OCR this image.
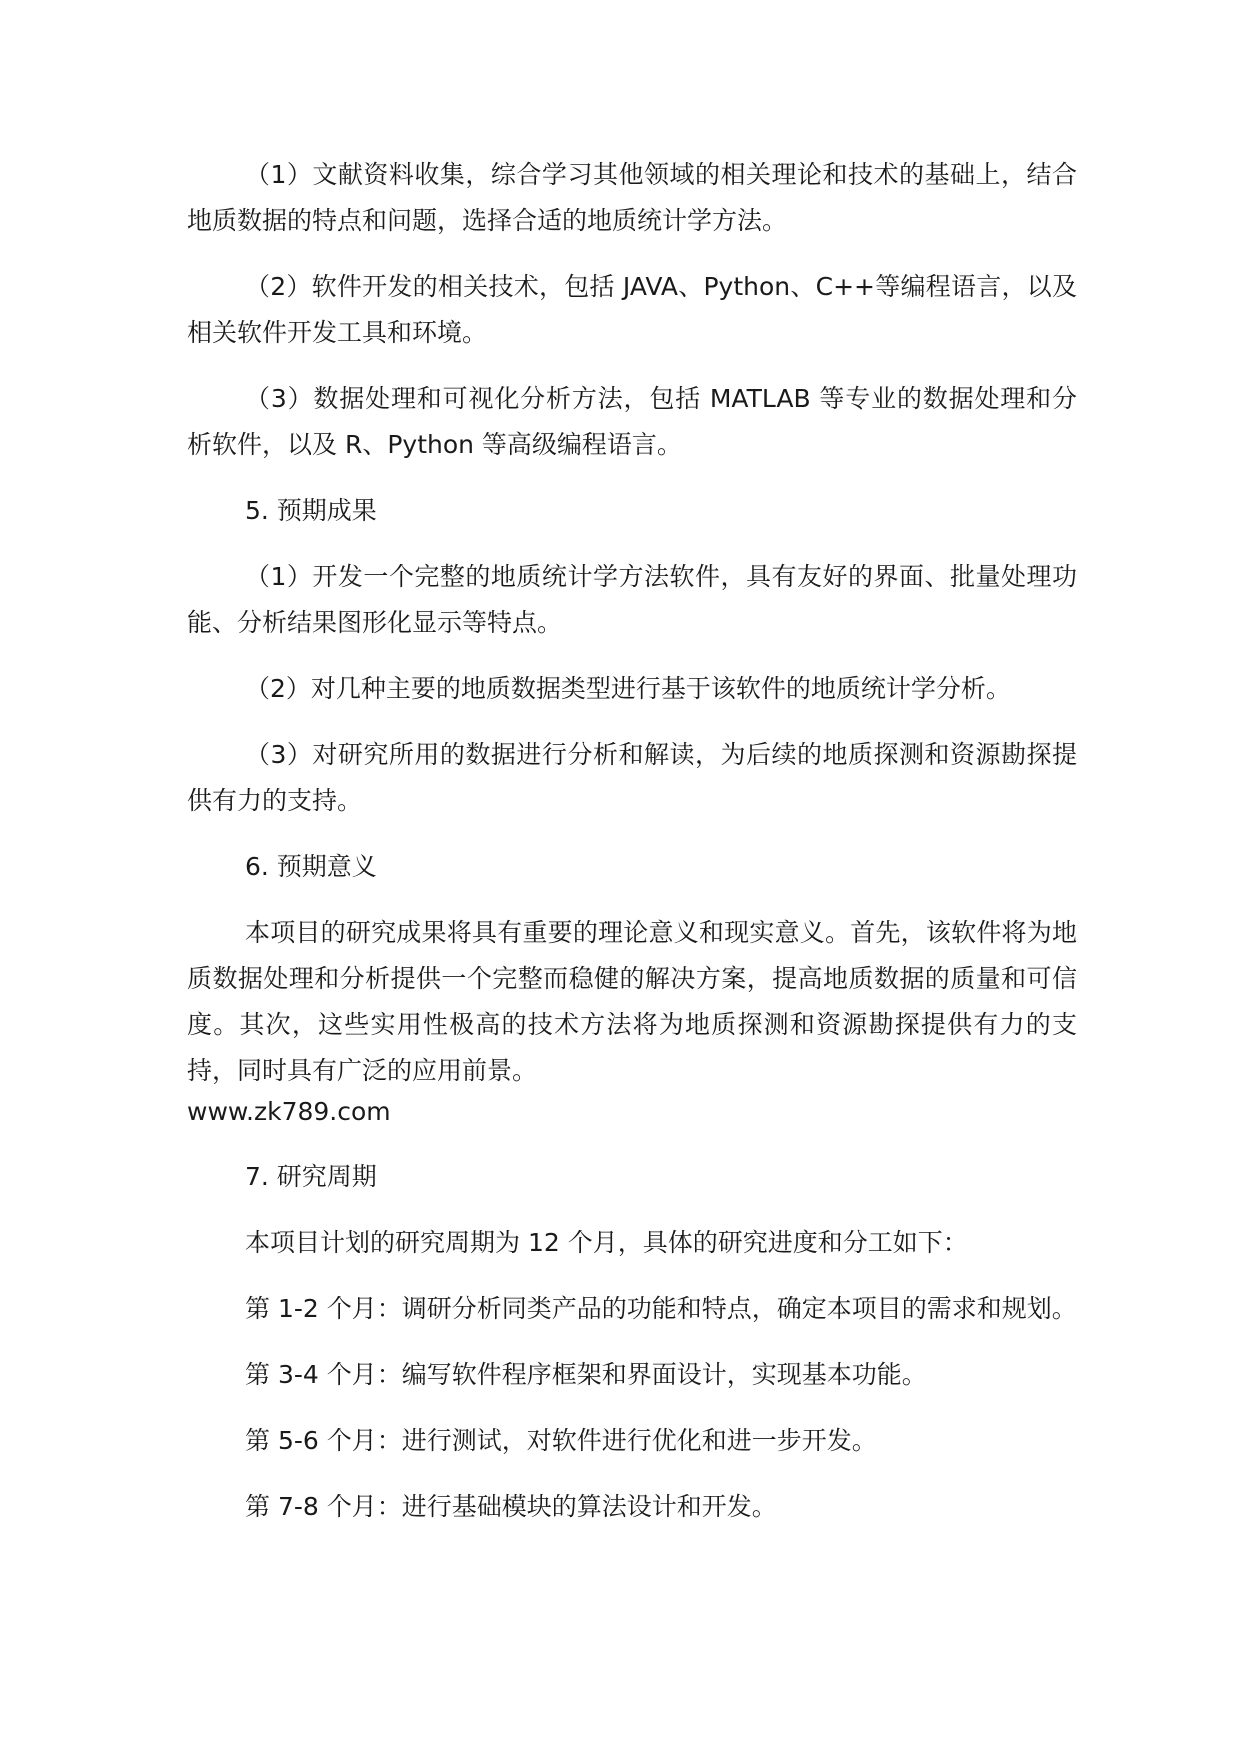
（1）文献资料收集，综合学习其他领域的相关理论和技术的基础上，结合地质数据的特点和问题，选择合适的地质统计学方法。

（2）软件开发的相关技术，包括 JAVA、Python、C++等编程语言，以及相关软件开发工具和环境。

（3）数据处理和可视化分析方法，包括 MATLAB 等专业的数据处理和分析软件，以及 R、Python 等高级编程语言。

5. 预期成果

（1）开发一个完整的地质统计学方法软件，具有友好的界面、批量处理功能、分析结果图形化显示等特点。

（2）对几种主要的地质数据类型进行基于该软件的地质统计学分析。

（3）对研究所用的数据进行分析和解读，为后续的地质探测和资源勘探提供有力的支持。

6. 预期意义

本项目的研究成果将具有重要的理论意义和现实意义。首先，该软件将为地质数据处理和分析提供一个完整而稳健的解决方案，提高地质数据的质量和可信度。其次，这些实用性极高的技术方法将为地质探测和资源勘探提供有力的支持，同时具有广泛的应用前景。

www.zk789.com

7. 研究周期

本项目计划的研究周期为 12 个月，具体的研究进度和分工如下：

第 1-2 个月：调研分析同类产品的功能和特点，确定本项目的需求和规划。

第 3-4 个月：编写软件程序框架和界面设计，实现基本功能。

第 5-6 个月：进行测试，对软件进行优化和进一步开发。

第 7-8 个月：进行基础模块的算法设计和开发。
